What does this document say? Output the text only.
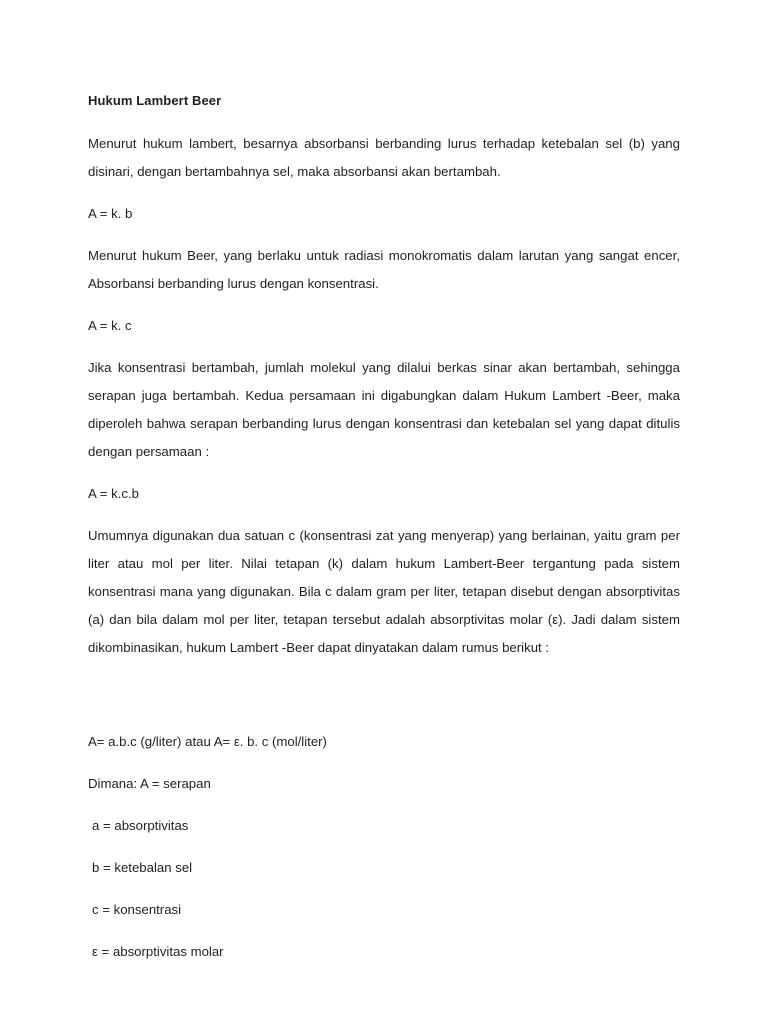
Hukum Lambert Beer

Menurut hukum lambert, besarnya absorbansi berbanding lurus terhadap ketebalan sel (b) yang disinari, dengan bertambahnya sel, maka absorbansi akan bertambah.

A = k. b

Menurut hukum Beer, yang berlaku untuk radiasi monokromatis dalam larutan yang sangat encer, Absorbansi berbanding lurus dengan konsentrasi.

A = k. c

Jika konsentrasi bertambah, jumlah molekul yang dilalui berkas sinar akan bertambah, sehingga serapan juga bertambah. Kedua persamaan ini digabungkan dalam Hukum Lambert -Beer, maka diperoleh bahwa serapan berbanding lurus dengan konsentrasi dan ketebalan sel yang dapat ditulis dengan persamaan :

A = k.c.b

Umumnya digunakan dua satuan c (konsentrasi zat yang menyerap) yang berlainan, yaitu gram per liter atau mol per liter. Nilai tetapan (k) dalam hukum Lambert-Beer tergantung pada sistem konsentrasi mana yang digunakan. Bila c dalam gram per liter, tetapan disebut dengan absorptivitas (a) dan bila dalam mol per liter, tetapan tersebut adalah absorptivitas molar (ε). Jadi dalam sistem dikombinasikan, hukum Lambert -Beer dapat dinyatakan dalam rumus berikut :

A= a.b.c (g/liter) atau A= ε. b. c (mol/liter)

Dimana: A = serapan

a = absorptivitas

b = ketebalan sel

c = konsentrasi

ε = absorptivitas molar
